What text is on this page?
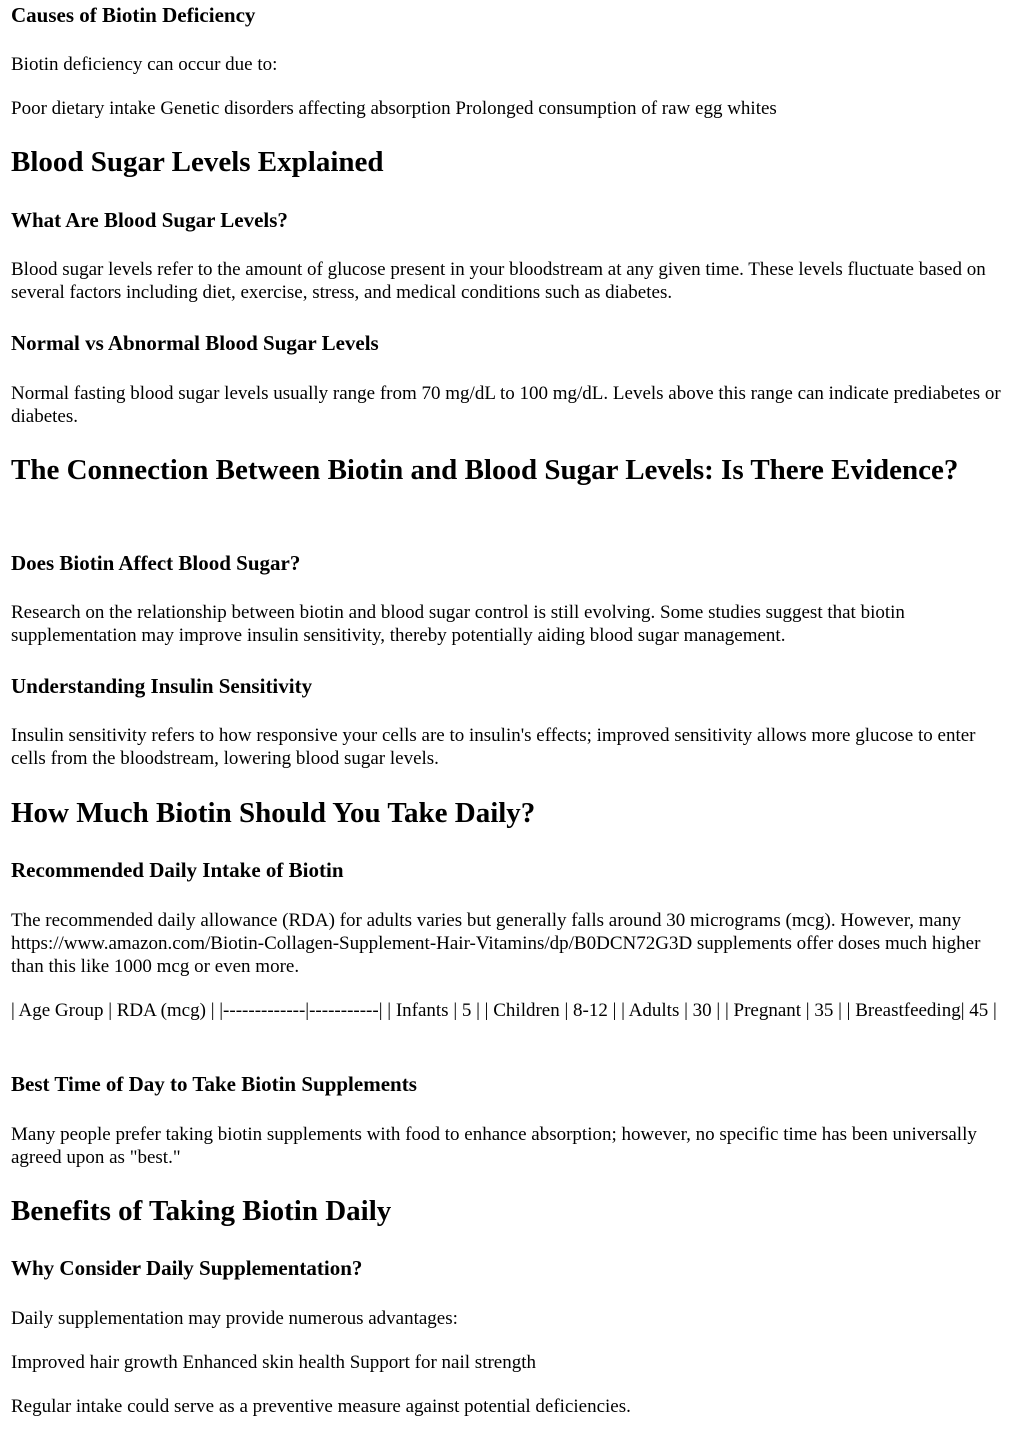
Causes of Biotin Deficiency

Biotin deficiency can occur due to:

Poor dietary intake Genetic disorders affecting absorption Prolonged consumption of raw egg whites

Blood Sugar Levels Explained
What Are Blood Sugar Levels?

Blood sugar levels refer to the amount of glucose present in your bloodstream at any given time. These levels fluctuate based on several factors including diet, exercise, stress, and medical conditions such as diabetes.

Normal vs Abnormal Blood Sugar Levels

Normal fasting blood sugar levels usually range from 70 mg/dL to 100 mg/dL. Levels above this range can indicate prediabetes or diabetes.

The Connection Between Biotin and Blood Sugar Levels: Is There Evidence?
Does Biotin Affect Blood Sugar?

Research on the relationship between biotin and blood sugar control is still evolving. Some studies suggest that biotin supplementation may improve insulin sensitivity, thereby potentially aiding blood sugar management.

Understanding Insulin Sensitivity

Insulin sensitivity refers to how responsive your cells are to insulin's effects; improved sensitivity allows more glucose to enter cells from the bloodstream, lowering blood sugar levels.

How Much Biotin Should You Take Daily?
Recommended Daily Intake of Biotin

The recommended daily allowance (RDA) for adults varies but generally falls around 30 micrograms (mcg). However, many https://www.amazon.com/Biotin-Collagen-Supplement-Hair-Vitamins/dp/B0DCN72G3D supplements offer doses much higher than this like 1000 mcg or even more.

| Age Group | RDA (mcg) | |-------------|-----------| | Infants | 5 | | Children | 8-12 | | Adults | 30 | | Pregnant | 35 | | Breastfeeding| 45 |

Best Time of Day to Take Biotin Supplements

Many people prefer taking biotin supplements with food to enhance absorption; however, no specific time has been universally agreed upon as "best."

Benefits of Taking Biotin Daily
Why Consider Daily Supplementation?

Daily supplementation may provide numerous advantages:

Improved hair growth Enhanced skin health Support for nail strength

Regular intake could serve as a preventive measure against potential deficiencies.
